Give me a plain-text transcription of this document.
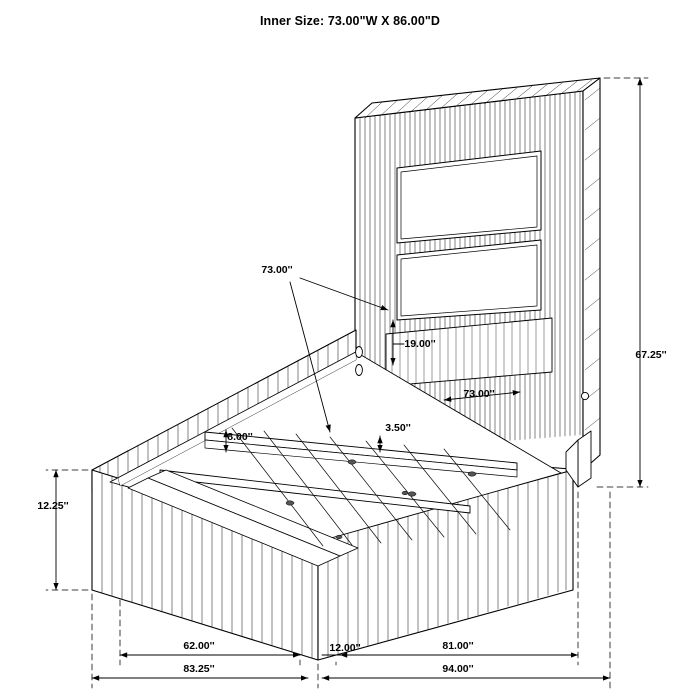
Inner Size: 73.00"W X 86.00"D
67.25''
12.25''
73.00''
19.00''
73.00''
3.50''
8.00''
62.00''
83.25''
12.00''	81.00''
94.00''
